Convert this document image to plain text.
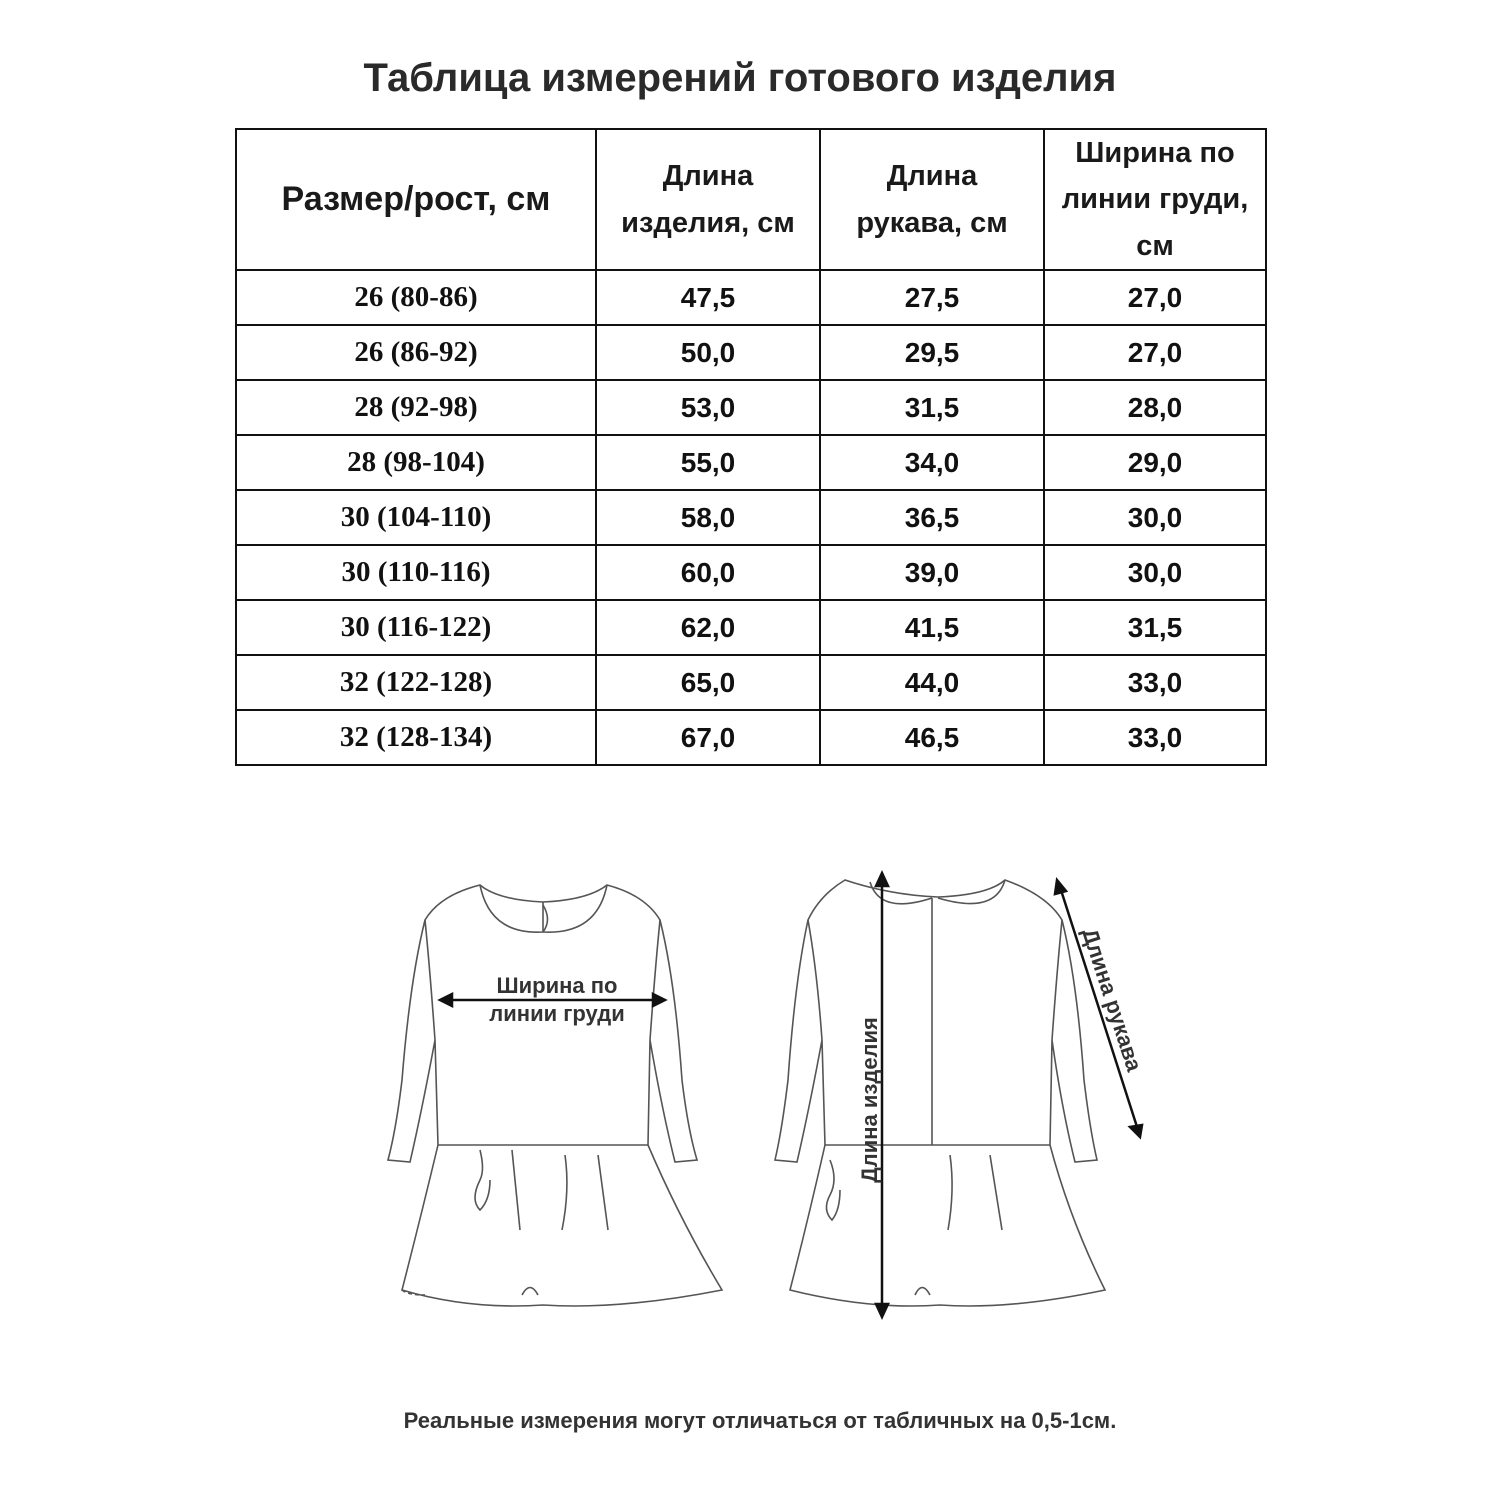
Таблица измерений готового изделия
Размер/рост, см	Длина изделия, см	Длина рукава, см	Ширина по линии груди, см
26 (80-86)	47,5	27,5	27,0
26 (86-92)	50,0	29,5	27,0
28 (92-98)	53,0	31,5	28,0
28 (98-104)	55,0	34,0	29,0
30 (104-110)	58,0	36,5	30,0
30 (110-116)	60,0	39,0	30,0
30 (116-122)	62,0	41,5	31,5
32 (122-128)	65,0	44,0	33,0
32 (128-134)	67,0	46,5	33,0
Ширина по
линии груди
Длина изделия
Длина рукава

Реальные измерения могут отличаться от табличных на 0,5-1см.
